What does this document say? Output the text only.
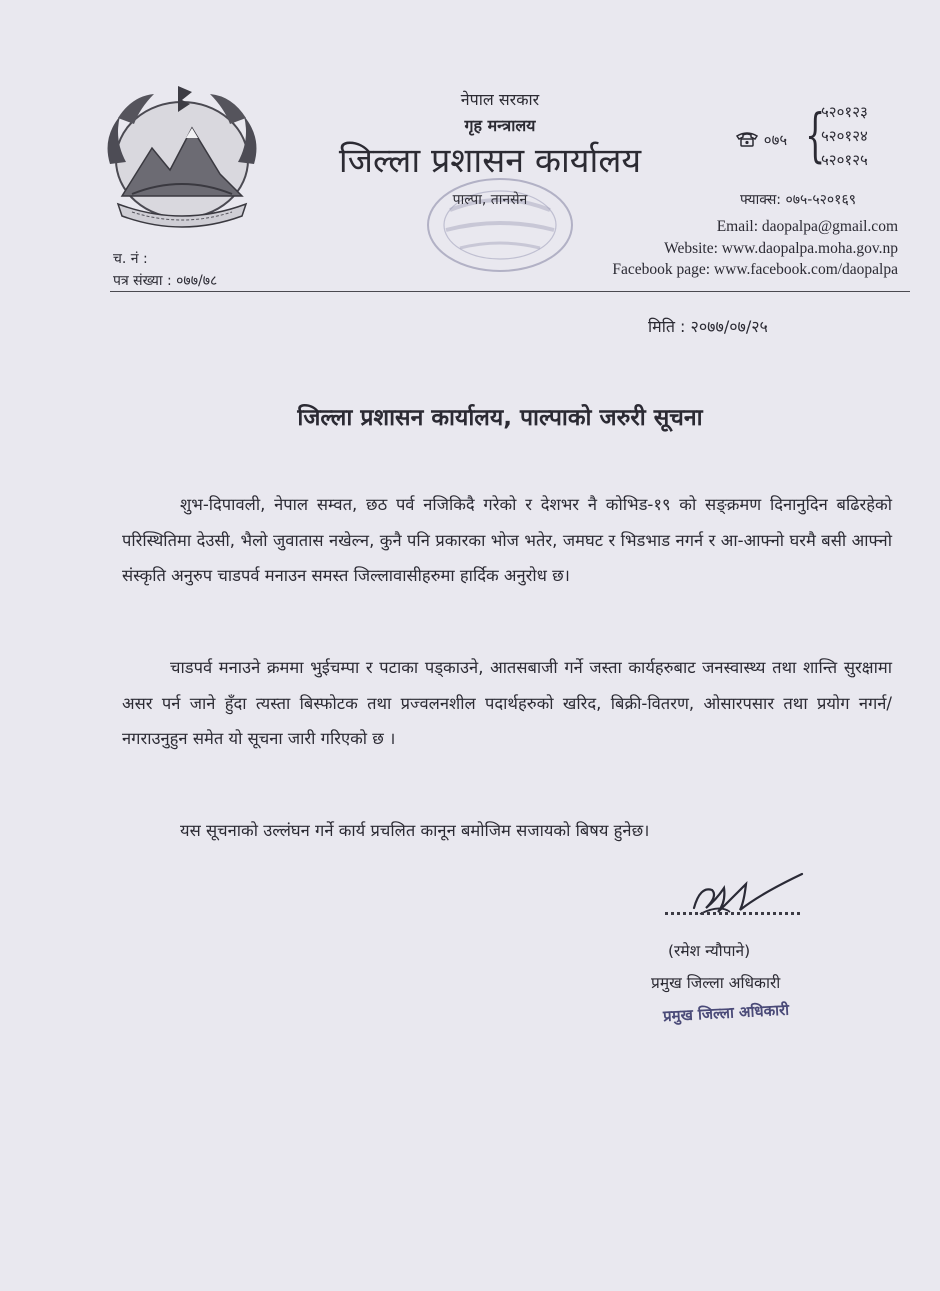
नेपाल सरकार
गृह मन्त्रालय
जिल्ला प्रशासन कार्यालय
पाल्पा, तानसेन
०७५ {
५२०१२३
५२०१२४
५२०१२५
फ्याक्स: ०७५-५२०१६९
Email: daopalpa@gmail.com
Website: www.daopalpa.moha.gov.np
Facebook page: www.facebook.com/daopalpa
च. नं :
पत्र संख्या : ०७७/७८
मिति : २०७७/०७/२५
जिल्ला प्रशासन कार्यालय, पाल्पाको जरुरी सूचना

शुभ-दिपावली, नेपाल सम्वत, छठ पर्व नजिकिदै गरेको र देशभर नै कोभिड-१९ को सङ्क्रमण दिनानुदिन बढिरहेको परिस्थितिमा देउसी, भैलो जुवातास नखेल्न, कुनै पनि प्रकारका भोज भतेर, जमघट र भिडभाड नगर्न र आ-आफ्नो घरमै बसी आफ्नो संस्कृति अनुरुप चाडपर्व मनाउन समस्त जिल्लावासीहरुमा हार्दिक अनुरोध छ।

चाडपर्व मनाउने क्रममा भुईचम्पा र पटाका पड्काउने, आतसबाजी गर्ने जस्ता कार्यहरुबाट जनस्वास्थ्य तथा शान्ति सुरक्षामा असर पर्न जाने हुँदा त्यस्ता बिस्फोटक तथा प्रज्वलनशील पदार्थहरुको खरिद, बिक्री-वितरण, ओसारपसार तथा प्रयोग नगर्न/नगराउनुहुन समेत यो सूचना जारी गरिएको छ ।

यस सूचनाको उल्लंघन गर्ने कार्य प्रचलित कानून बमोजिम सजायको बिषय हुनेछ।

(रमेश न्यौपाने)
प्रमुख जिल्ला अधिकारी
प्रमुख जिल्ला अधिकारी
